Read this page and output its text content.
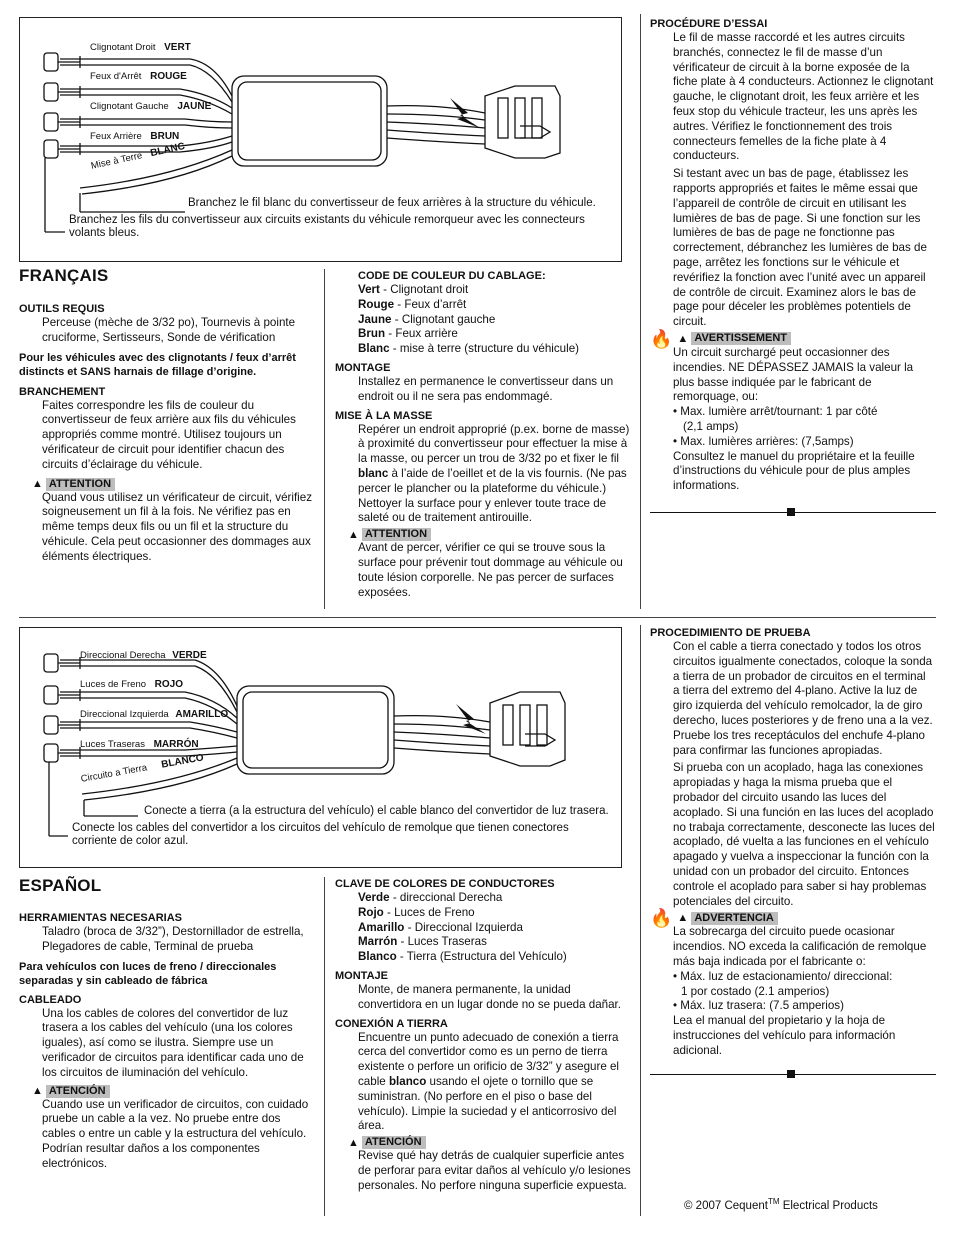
Clignotant Droit VERT
Feux d'Arrêt ROUGE
Clignotant Gauche JAUNE
Feux Arrière BRUN
Mise à Terre BLANC
Branchez le fil blanc du convertisseur de feux arrières à la structure du véhicule.
Branchez les fils du convertisseur aux circuits existants du véhicule remorqueur avec les connecteurs
volants bleus.
FRANÇAIS
OUTILS REQUIS
Perceuse (mèche de 3/32 po), Tournevis à pointe cruciforme, Sertisseurs, Sonde de vérification
Pour les véhicules avec des clignotants / feux d’arrêt distincts et SANS harnais de fillage d’origine.
BRANCHEMENT
Faites correspondre les fils de couleur du convertisseur de feux arrière aux fils du véhicules appropriés comme montré. Utilisez toujours un vérificateur de circuit pour identifier chacun des circuits d’éclairage du véhicule.
▲ ATTENTION
Quand vous utilisez un vérificateur de circuit, vérifiez soigneusement un fil à la fois. Ne vérifiez pas en même temps deux fils ou un fil et la structure du véhicule. Cela peut occasionner des dommages aux éléments électriques.
CODE DE COULEUR DU CABLAGE:
Vert - Clignotant droit
Rouge - Feux d’arrêt
Jaune - Clignotant gauche
Brun - Feux arrière
Blanc - mise à terre (structure du véhicule)
MONTAGE
Installez en permanence le convertisseur dans un endroit ou il ne sera pas endommagé.
MISE À LA MASSE
Repérer un endroit approprié (p.ex. borne de masse) à proximité du convertisseur pour effectuer la mise à la masse, ou percer un trou de 3/32 po et fixer le fil blanc à l’aide de l’oeillet et de la vis fournis. (Ne pas percer le plancher ou la plateforme du véhicule.) Nettoyer la surface pour y enlever toute trace de saleté ou de traitement antirouille.
▲ ATTENTION
Avant de percer, vérifier ce qui se trouve sous la surface pour prévenir tout dommage au véhicule ou toute lésion corporelle. Ne pas percer de surfaces exposées.
PROCÉDURE D’ESSAI
Le fil de masse raccordé et les autres circuits branchés, connectez le fil de masse d’un vérificateur de circuit à la borne exposée de la fiche plate à 4 conducteurs. Actionnez le clignotant gauche, le clignotant droit, les feux arrière et les feux stop du véhicule tracteur, les uns après les autres. Vérifiez le fonctionnement des trois connecteurs femelles de la fiche plate à 4 conducteurs.
Si testant avec un bas de page, établissez les rapports appropriés et faites le même essai que l’appareil de contrôle de circuit en utilisant les lumières de bas de page. Si une fonction sur les lumières de bas de page ne fonctionne pas correctement, débranchez les lumières de bas de page, arrêtez les fonctions sur le véhicule et revérifiez la fonction avec l’unité avec un appareil de contrôle de circuit. Examinez alors le bas de page pour déceler les problèmes potentiels de circuit.
🔥 ▲ AVERTISSEMENT
Un circuit surchargé peut occasionner des incendies. NE DÉPASSEZ JAMAIS la valeur la plus basse indiquée par le fabricant de remorquage, ou:
• Max. lumière arrêt/tournant: 1 par côté
(2,1 amps)
• Max. lumières arrières: (7,5amps)
Consultez le manuel du propriétaire et la feuille d’instructions du véhicule pour de plus amples informations.
Direccional Derecha VERDE
Luces de Freno ROJO
Direccional Izquierda AMARILLO
Luces Traseras MARRÓN
Circuito a Tierra BLANCO
Conecte a tierra (a la estructura del vehículo) el cable blanco del convertidor de luz trasera.
Conecte los cables del convertidor a los circuitos del vehículo de remolque que tienen conectores
corriente de color azul.
ESPAÑOL
HERRAMIENTAS NECESARIAS
Taladro (broca de 3/32”), Destornillador de estrella, Plegadores de cable, Terminal de prueba
Para vehículos con luces de freno / direccionales separadas y sin cableado de fábrica
CABLEADO
Una los cables de colores del convertidor de luz trasera a los cables del vehículo (una los colores iguales), así como se ilustra. Siempre use un verificador de circuitos para identificar cada uno de los circuitos de iluminación del vehículo.
▲ ATENCIÓN
Cuando use un verificador de circuitos, con cuidado pruebe un cable a la vez. No pruebe entre dos cables o entre un cable y la estructura del vehículo. Podrían resultar daños a los componentes electrónicos.
CLAVE DE COLORES DE CONDUCTORES
Verde - direccional Derecha
Rojo - Luces de Freno
Amarillo - Direccional Izquierda
Marrón - Luces Traseras
Blanco - Tierra (Estructura del Vehículo)
MONTAJE
Monte, de manera permanente, la unidad convertidora en un lugar donde no se pueda dañar.
CONEXIÓN A TIERRA
Encuentre un punto adecuado de conexión a tierra cerca del convertidor como es un perno de tierra existente o perfore un orificio de 3/32” y asegure el cable blanco usando el ojete o tornillo que se suministran. (No perfore en el piso o base del vehículo). Limpie la suciedad y el anticorrosivo del área.
▲ ATENCIÓN
Revise qué hay detrás de cualquier superficie antes de perforar para evitar daños al vehículo y/o lesiones personales. No perfore ninguna superficie expuesta.
PROCEDIMIENTO DE PRUEBA
Con el cable a tierra conectado y todos los otros circuitos igualmente conectados, coloque la sonda a tierra de un probador de circuitos en el terminal a tierra del extremo del 4-plano. Active la luz de giro izquierda del vehículo remolcador, la de giro derecho, luces posteriores y de freno una a la vez. Pruebe los tres receptáculos del enchufe 4-plano para confirmar las funciones apropiadas.
Si prueba con un acoplado, haga las conexiones apropiadas y haga la misma prueba que el probador del circuito usando las luces del acoplado. Si una función en las luces del acoplado no trabaja correctamente, desconecte las luces del acoplado, dé vuelta a las funciones en el vehículo apagado y vuelva a inspeccionar la función con la unidad con un probador del circuito. Entonces controle el acoplado para saber si hay problemas potenciales del circuito.
🔥 ▲ ADVERTENCIA
La sobrecarga del circuito puede ocasionar incendios. NO exceda la calificación de remolque más baja indicada por el fabricante o:
• Máx. luz de estacionamiento/ direccional:
1 por costado (2.1 amperios)
• Máx. luz trasera: (7.5 amperios)
Lea el manual del propietario y la hoja de instrucciones del vehículo para información adicional.
© 2007 Cequent™ Electrical Products
